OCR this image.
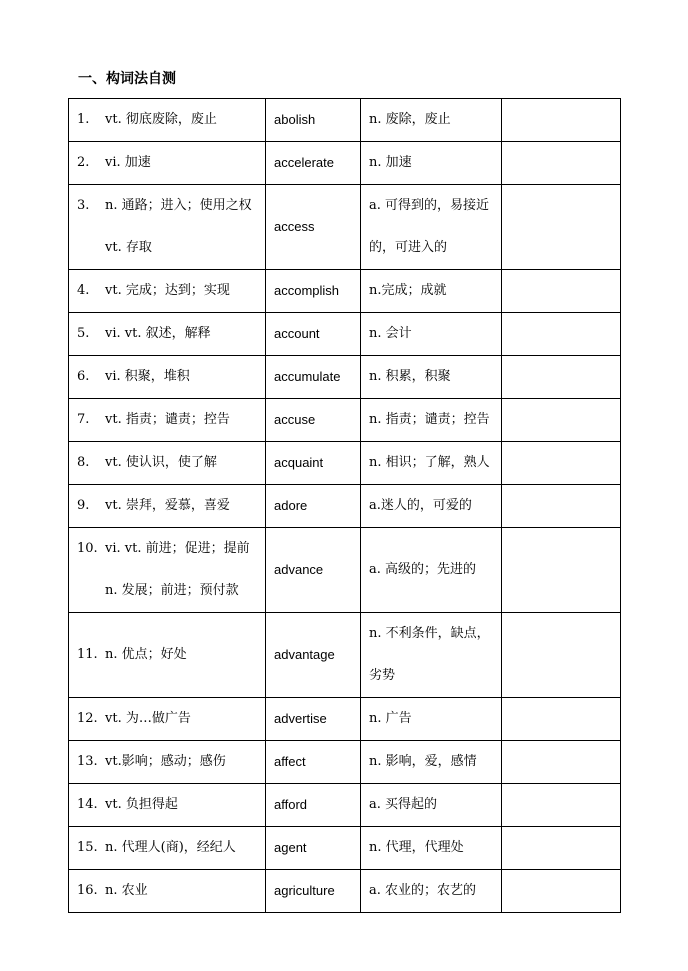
一、构词法自测
1. vt. 彻底废除，废止	abolish	n. 废除，废止	

2. vi. 加速	accelerate	n. 加速	

3. n. 通路；进入；使用之权
vt. 存取	access	a. 可得到的，易接近
的，可进入的	

4. vt. 完成；达到；实现	accomplish	n.完成；成就	

5. vi. vt. 叙述，解释	account	n. 会计	

6. vi. 积聚，堆积	accumulate	n. 积累，积聚	

7. vt. 指责；谴责；控告	accuse	n. 指责；谴责；控告	

8. vt. 使认识，使了解	acquaint	n. 相识；了解，熟人	

9. vt. 崇拜，爱慕，喜爱	adore	a.迷人的，可爱的	

10. vi. vt. 前进；促进；提前
n. 发展；前进；预付款	advance	a. 高级的；先进的	

11. n. 优点；好处	advantage	n. 不利条件，缺点，
劣势	

12. vt. 为…做广告	advertise	n. 广告	

13. vt.影响；感动；感伤	affect	n. 影响，爱，感情	

14. vt. 负担得起	afford	a. 买得起的	

15. n. 代理人(商)，经纪人	agent	n. 代理，代理处	

16. n. 农业	agriculture	a. 农业的；农艺的	
